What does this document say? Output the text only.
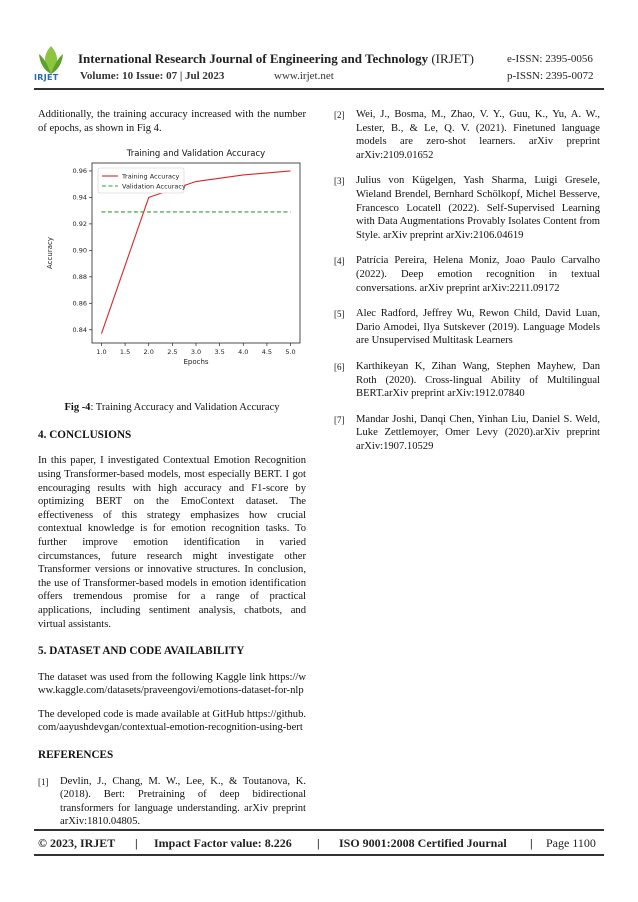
IRJET
International Research Journal of Engineering and Technology (IRJET)	e-ISSN: 2395-0056
Volume: 10 Issue: 07 | Jul 2023	www.irjet.net	p-ISSN: 2395-0072

Additionally, the training accuracy increased with the number of epochs, as shown in Fig 4.

Training and Validation Accuracy
1.0 1.5 2.0 2.5 3.0 3.5 4.0 4.5 5.0
0.84
0.86
0.88
0.90
0.92
0.94
0.96
Epochs
Accuracy
Training Accuracy
Validation Accuracy
Fig -4: Training Accuracy and Validation Accuracy
4. CONCLUSIONS

In this paper, I investigated Contextual Emotion Recognition using Transformer-based models, most especially BERT. I got encouraging results with high accuracy and F1-score by optimizing BERT on the EmoContext dataset. The effectiveness of this strategy emphasizes how crucial contextual knowledge is for emotion recognition tasks. To further improve emotion identification in varied circumstances, future research might investigate other Transformer versions or innovative structures. In conclusion, the use of Transformer-based models in emotion identification offers tremendous promise for a range of practical applications, including sentiment analysis, chatbots, and virtual assistants.

5. DATASET AND CODE AVAILABILITY

The dataset was used from the following Kaggle link https://www.kaggle.com/datasets/praveengovi/emotions-dataset-for-nlp

The developed code is made available at GitHub https://github.com/aayushdevgan/contextual-emotion-recognition-using-bert

REFERENCES
[1]	Devlin, J., Chang, M. W., Lee, K., & Toutanova, K. (2018). Bert: Pretraining of deep bidirectional transformers for language understanding. arXiv preprint arXiv:1810.04805.
[2]	Wei, J., Bosma, M., Zhao, V. Y., Guu, K., Yu, A. W., Lester, B., & Le, Q. V. (2021). Finetuned language models are zero-shot learners. arXiv preprint arXiv:2109.01652
[3]	Julius von Kügelgen, Yash Sharma, Luigi Gresele, Wieland Brendel, Bernhard Schölkopf, Michel Besserve, Francesco Locatell (2022). Self-Supervised Learning with Data Augmentations Provably Isolates Content from Style. arXiv preprint arXiv:2106.04619
[4]	Patrícia Pereira, Helena Moniz, Joao Paulo Carvalho (2022). Deep emotion recognition in textual conversations. arXiv preprint arXiv:2211.09172
[5]	Alec Radford, Jeffrey Wu, Rewon Child, David Luan, Dario Amodei, Ilya Sutskever (2019). Language Models are Unsupervised Multitask Learners
[6]	Karthikeyan K, Zihan Wang, Stephen Mayhew, Dan Roth (2020). Cross-lingual Ability of Multilingual BERT.arXiv preprint arXiv:1912.07840
[7]	Mandar Joshi, Danqi Chen, Yinhan Liu, Daniel S. Weld, Luke Zettlemoyer, Omer Levy (2020).arXiv preprint arXiv:1907.10529
© 2023, IRJET | Impact Factor value: 8.226 | ISO 9001:2008 Certified Journal | Page 1100
